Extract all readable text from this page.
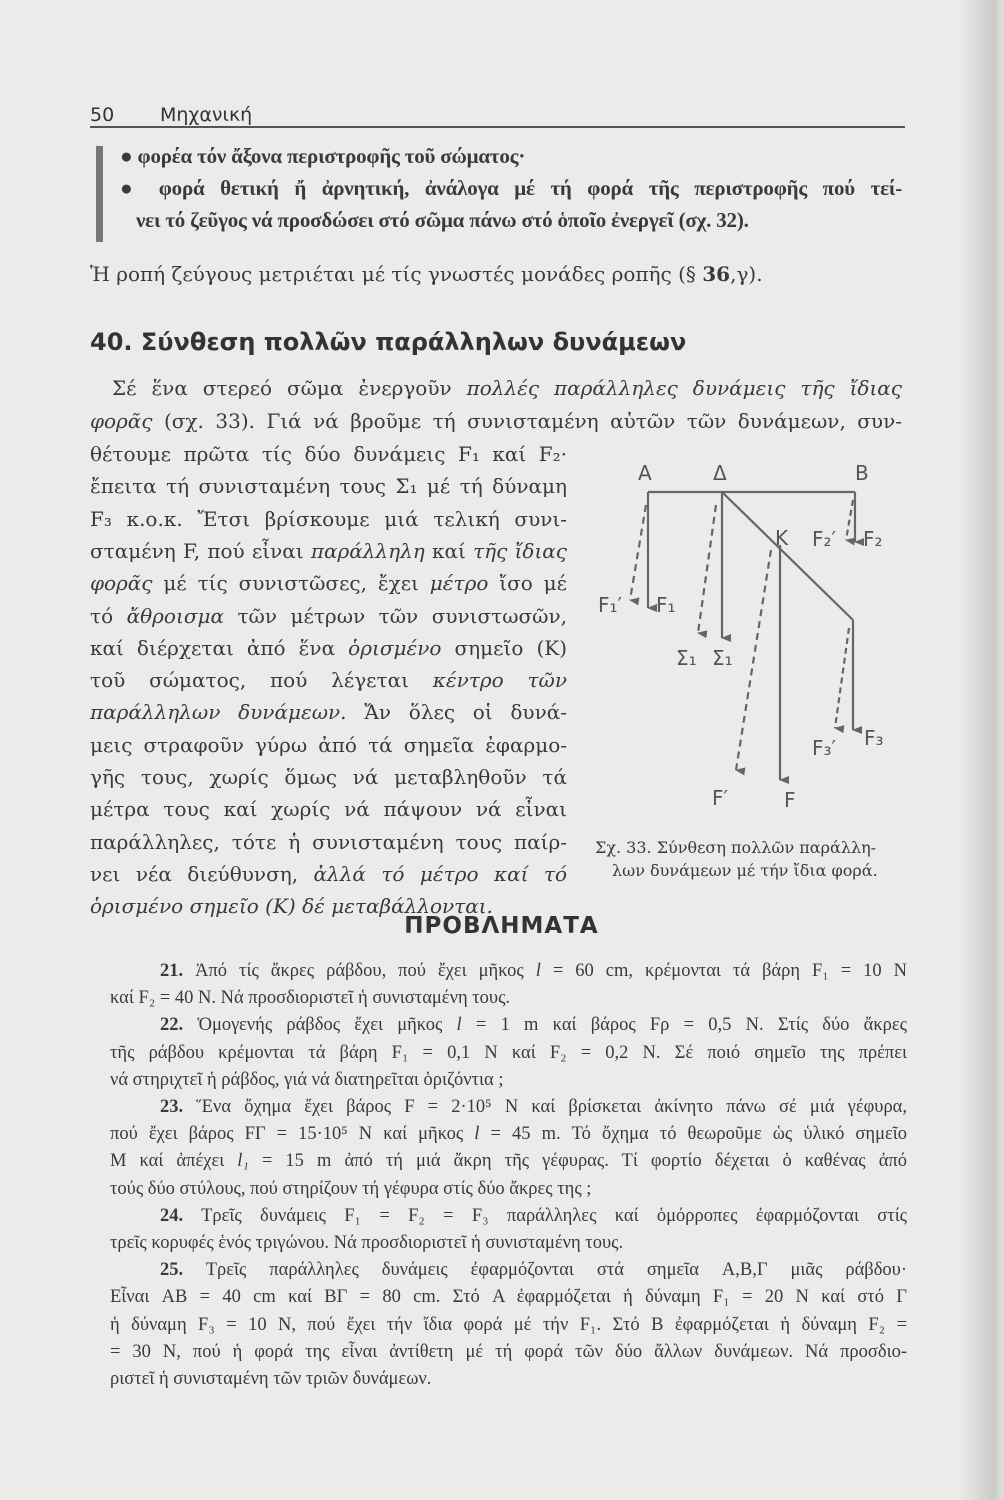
50 Μηχανική
● φορέα τόν ἄξονα περιστροφῆς τοῦ σώματος·
● φορά θετική ἤ ἀρνητική, ἀνάλογα μέ τή φορά τῆς περιστροφῆς πού τεί-
νει τό ζεῦγος νά προσδώσει στό σῶμα πάνω στό ὁποῖο ἐνεργεῖ (σχ. 32).
Ἡ ροπή ζεύγους μετριέται μέ τίς γνωστές μονάδες ροπῆς (§ 36,γ).
40. Σύνθεση πολλῶν παράλληλων δυνάμεων
Σέ ἕνα στερεό σῶμα ἐνεργοῦν πολλές παράλληλες δυνάμεις τῆς ἴδιας
φορᾶς (σχ. 33). Γιά νά βροῦμε τή συνισταμένη αὐτῶν τῶν δυνάμεων, συν-
θέτουμε πρῶτα τίς δύο δυνάμεις F₁ καί F₂·
ἔπειτα τή συνισταμένη τους Σ₁ μέ τή δύναμη
F₃ κ.ο.κ. Ἔτσι βρίσκουμε μιά τελική συνι-
σταμένη F, πού εἶναι παράλληλη καί τῆς ἴδιας
φορᾶς μέ τίς συνιστῶσες, ἔχει μέτρο ἴσο μέ
τό ἄθροισμα τῶν μέτρων τῶν συνιστωσῶν,
καί διέρχεται ἀπό ἕνα ὁρισμένο σημεῖο (K)
τοῦ σώματος, πού λέγεται κέντρο τῶν
παράλληλων δυνάμεων. Ἄν ὅλες οἱ δυνά-
μεις στραφοῦν γύρω ἀπό τά σημεῖα ἐφαρμο-
γῆς τους, χωρίς ὅμως νά μεταβληθοῦν τά
μέτρα τους καί χωρίς νά πάψουν νά εἶναι
παράλληλες, τότε ἡ συνισταμένη τους παίρ-
νει νέα διεύθυνση, ἀλλά τό μέτρο καί τό
ὁρισμένο σημεῖο (K) δέ μεταβάλλονται.
A	Δ	B
K
F₁′ F₁
Σ₁ Σ₁
F₂′ F₂
F₃′ F₃
F′	F
Σχ. 33. Σύνθεση πολλῶν παράλλη-
λων δυνάμεων μέ τήν ἴδια φορά.
ΠΡΟΒΛΗΜΑΤΑ
21. Ἀπό τίς ἄκρες ράβδου, πού ἔχει μῆκος l = 60 cm, κρέμονται τά βάρη F₁ = 10 N
καί F₂ = 40 N. Νά προσδιοριστεῖ ἡ συνισταμένη τους.
22. Ὁμογενής ράβδος ἔχει μῆκος l = 1 m καί βάρος Fρ = 0,5 N. Στίς δύο ἄκρες
τῆς ράβδου κρέμονται τά βάρη F₁ = 0,1 N καί F₂ = 0,2 N. Σέ ποιό σημεῖο της πρέπει
νά στηριχτεῖ ἡ ράβδος, γιά νά διατηρεῖται ὁριζόντια ;
23. Ἕνα ὄχημα ἔχει βάρος F = 2·10⁵ N καί βρίσκεται ἀκίνητο πάνω σέ μιά γέφυρα,
πού ἔχει βάρος FΓ = 15·10⁵ N καί μῆκος l = 45 m. Τό ὄχημα τό θεωροῦμε ὡς ὑλικό σημεῖο
M καί ἀπέχει l₁ = 15 m ἀπό τή μιά ἄκρη τῆς γέφυρας. Τί φορτίο δέχεται ὁ καθένας ἀπό
τούς δύο στύλους, πού στηρίζουν τή γέφυρα στίς δύο ἄκρες της ;
24. Τρεῖς δυνάμεις F₁ = F₂ = F₃ παράλληλες καί ὁμόρροπες ἐφαρμόζονται στίς
τρεῖς κορυφές ἑνός τριγώνου. Νά προσδιοριστεῖ ἡ συνισταμένη τους.
25. Τρεῖς παράλληλες δυνάμεις ἐφαρμόζονται στά σημεῖα A,B,Γ μιᾶς ράβδου·
Εἶναι AB = 40 cm καί BΓ = 80 cm. Στό A ἐφαρμόζεται ἡ δύναμη F₁ = 20 N καί στό Γ
ἡ δύναμη F₃ = 10 N, πού ἔχει τήν ἴδια φορά μέ τήν F₁. Στό B ἐφαρμόζεται ἡ δύναμη F₂ =
= 30 N, πού ἡ φορά της εἶναι ἀντίθετη μέ τή φορά τῶν δύο ἄλλων δυνάμεων. Νά προσδιο-
ριστεῖ ἡ συνισταμένη τῶν τριῶν δυνάμεων.
